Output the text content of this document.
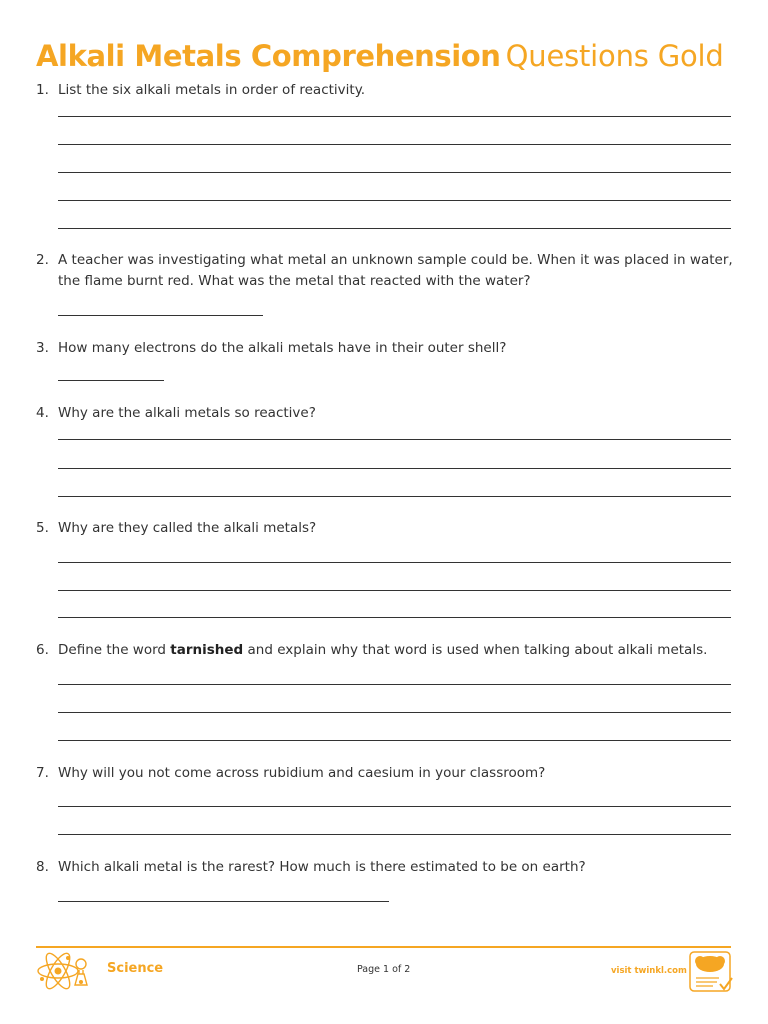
Alkali Metals Comprehension Questions Gold
1. List the six alkali metals in order of reactivity.
2. A teacher was investigating what metal an unknown sample could be. When it was placed in water,
the flame burnt red. What was the metal that reacted with the water?
3. How many electrons do the alkali metals have in their outer shell?
4. Why are the alkali metals so reactive?
5. Why are they called the alkali metals?
6. Define the word tarnished and explain why that word is used when talking about alkali metals.
7. Why will you not come across rubidium and caesium in your classroom?
8. Which alkali metal is the rarest? How much is there estimated to be on earth?
Science	Page 1 of 2	visit twinkl.com
